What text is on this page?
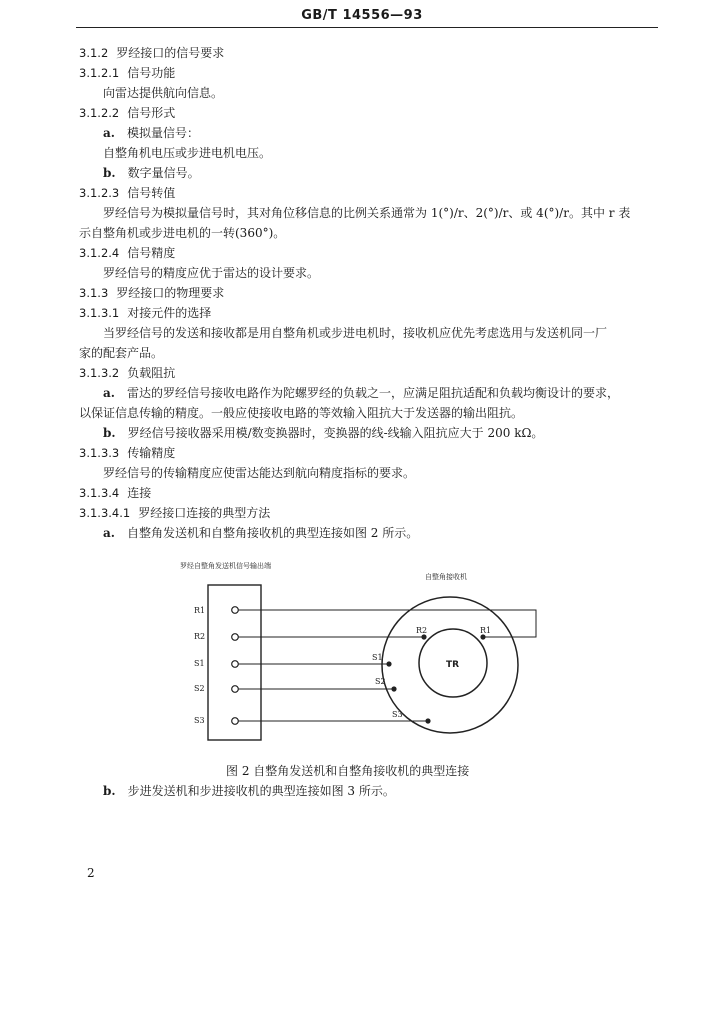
GB/T 14556—93
3.1.2 罗经接口的信号要求
3.1.2.1 信号功能
向雷达提供航向信息。
3.1.2.2 信号形式
a. 模拟量信号：
自整角机电压或步进电机电压。
b. 数字量信号。
3.1.2.3 信号转值
罗经信号为模拟量信号时，其对角位移信息的比例关系通常为 1(°)/r、2(°)/r、或 4(°)/r。其中 r 表
示自整角机或步进电机的一转(360°)。
3.1.2.4 信号精度
罗经信号的精度应优于雷达的设计要求。
3.1.3 罗经接口的物理要求
3.1.3.1 对接元件的选择
当罗经信号的发送和接收都是用自整角机或步进电机时，接收机应优先考虑选用与发送机同一厂
家的配套产品。
3.1.3.2 负载阻抗
a. 雷达的罗经信号接收电路作为陀螺罗经的负载之一，应满足阻抗适配和负载均衡设计的要求，
以保证信息传输的精度。一般应使接收电路的等效输入阻抗大于发送器的输出阻抗。
b. 罗经信号接收器采用模/数变换器时，变换器的线-线输入阻抗应大于 200 kΩ。
3.1.3.3 传输精度
罗经信号的传输精度应使雷达能达到航向精度指标的要求。
3.1.3.4 连接
3.1.3.4.1 罗经接口连接的典型方法
a. 自整角发送机和自整角接收机的典型连接如图 2 所示。
图 2 自整角发送机和自整角接收机的典型连接
b. 步进发送机和步进接收机的典型连接如图 3 所示。
罗经自整角发送机信号输出端
自整角接收机
R1
R2
S1
S2
S3
TR
R2	R1
S1
S2
S3
2
